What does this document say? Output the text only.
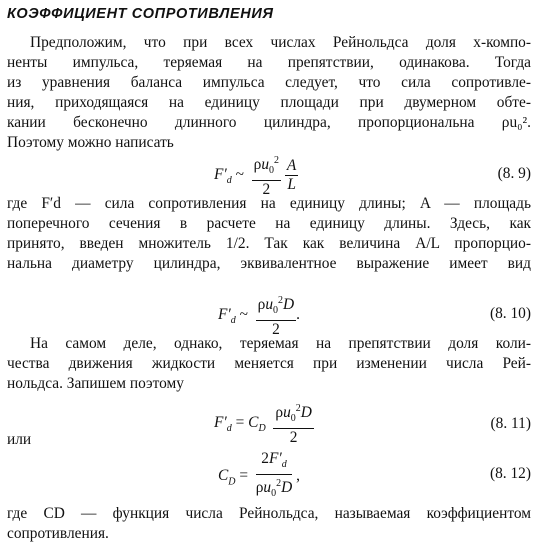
КОЭФФИЦИЕНТ СОПРОТИВЛЕНИЯ
Предположим, что при всех числах Рейнольдса доля x-компо-
ненты импульса, теряемая на препятствии, одинакова. Тогда
из уравнения баланса импульса следует, что сила сопротивле-
ния, приходящаяся на единицу площади при двумерном обте-
кании бесконечно длинного цилиндра, пропорциональна ρu₀².
Поэтому можно написать
$F'_d$ ~ $\frac{\rho u_0^2}{2}$
$\frac{A}{L}$	(8. 9)
где F′d — сила сопротивления на единицу длины; A — площадь
поперечного сечения в расчете на единицу длины. Здесь, как
принято, введен множитель 1/2. Так как величина A/L пропорцио-
нальна диаметру цилиндра, эквивалентное выражение имеет вид
$F'_d$ ~ $\frac{\rho u_0^2D}{2}$ .	(8. 10)
На самом деле, однако, теряемая на препятствии доля коли-
чества движения жидкости меняется при изменении числа Рей-
нольдса. Запишем поэтому
$F'_d = C_D \frac{\rho u_0^2D}{2}$	(8. 11)
или
$C_D = \frac{2F'_d}{\rho u_0^2D}$ ,	(8. 12)
где CD — функция числа Рейнольдса, называемая коэффициентом
сопротивления.
